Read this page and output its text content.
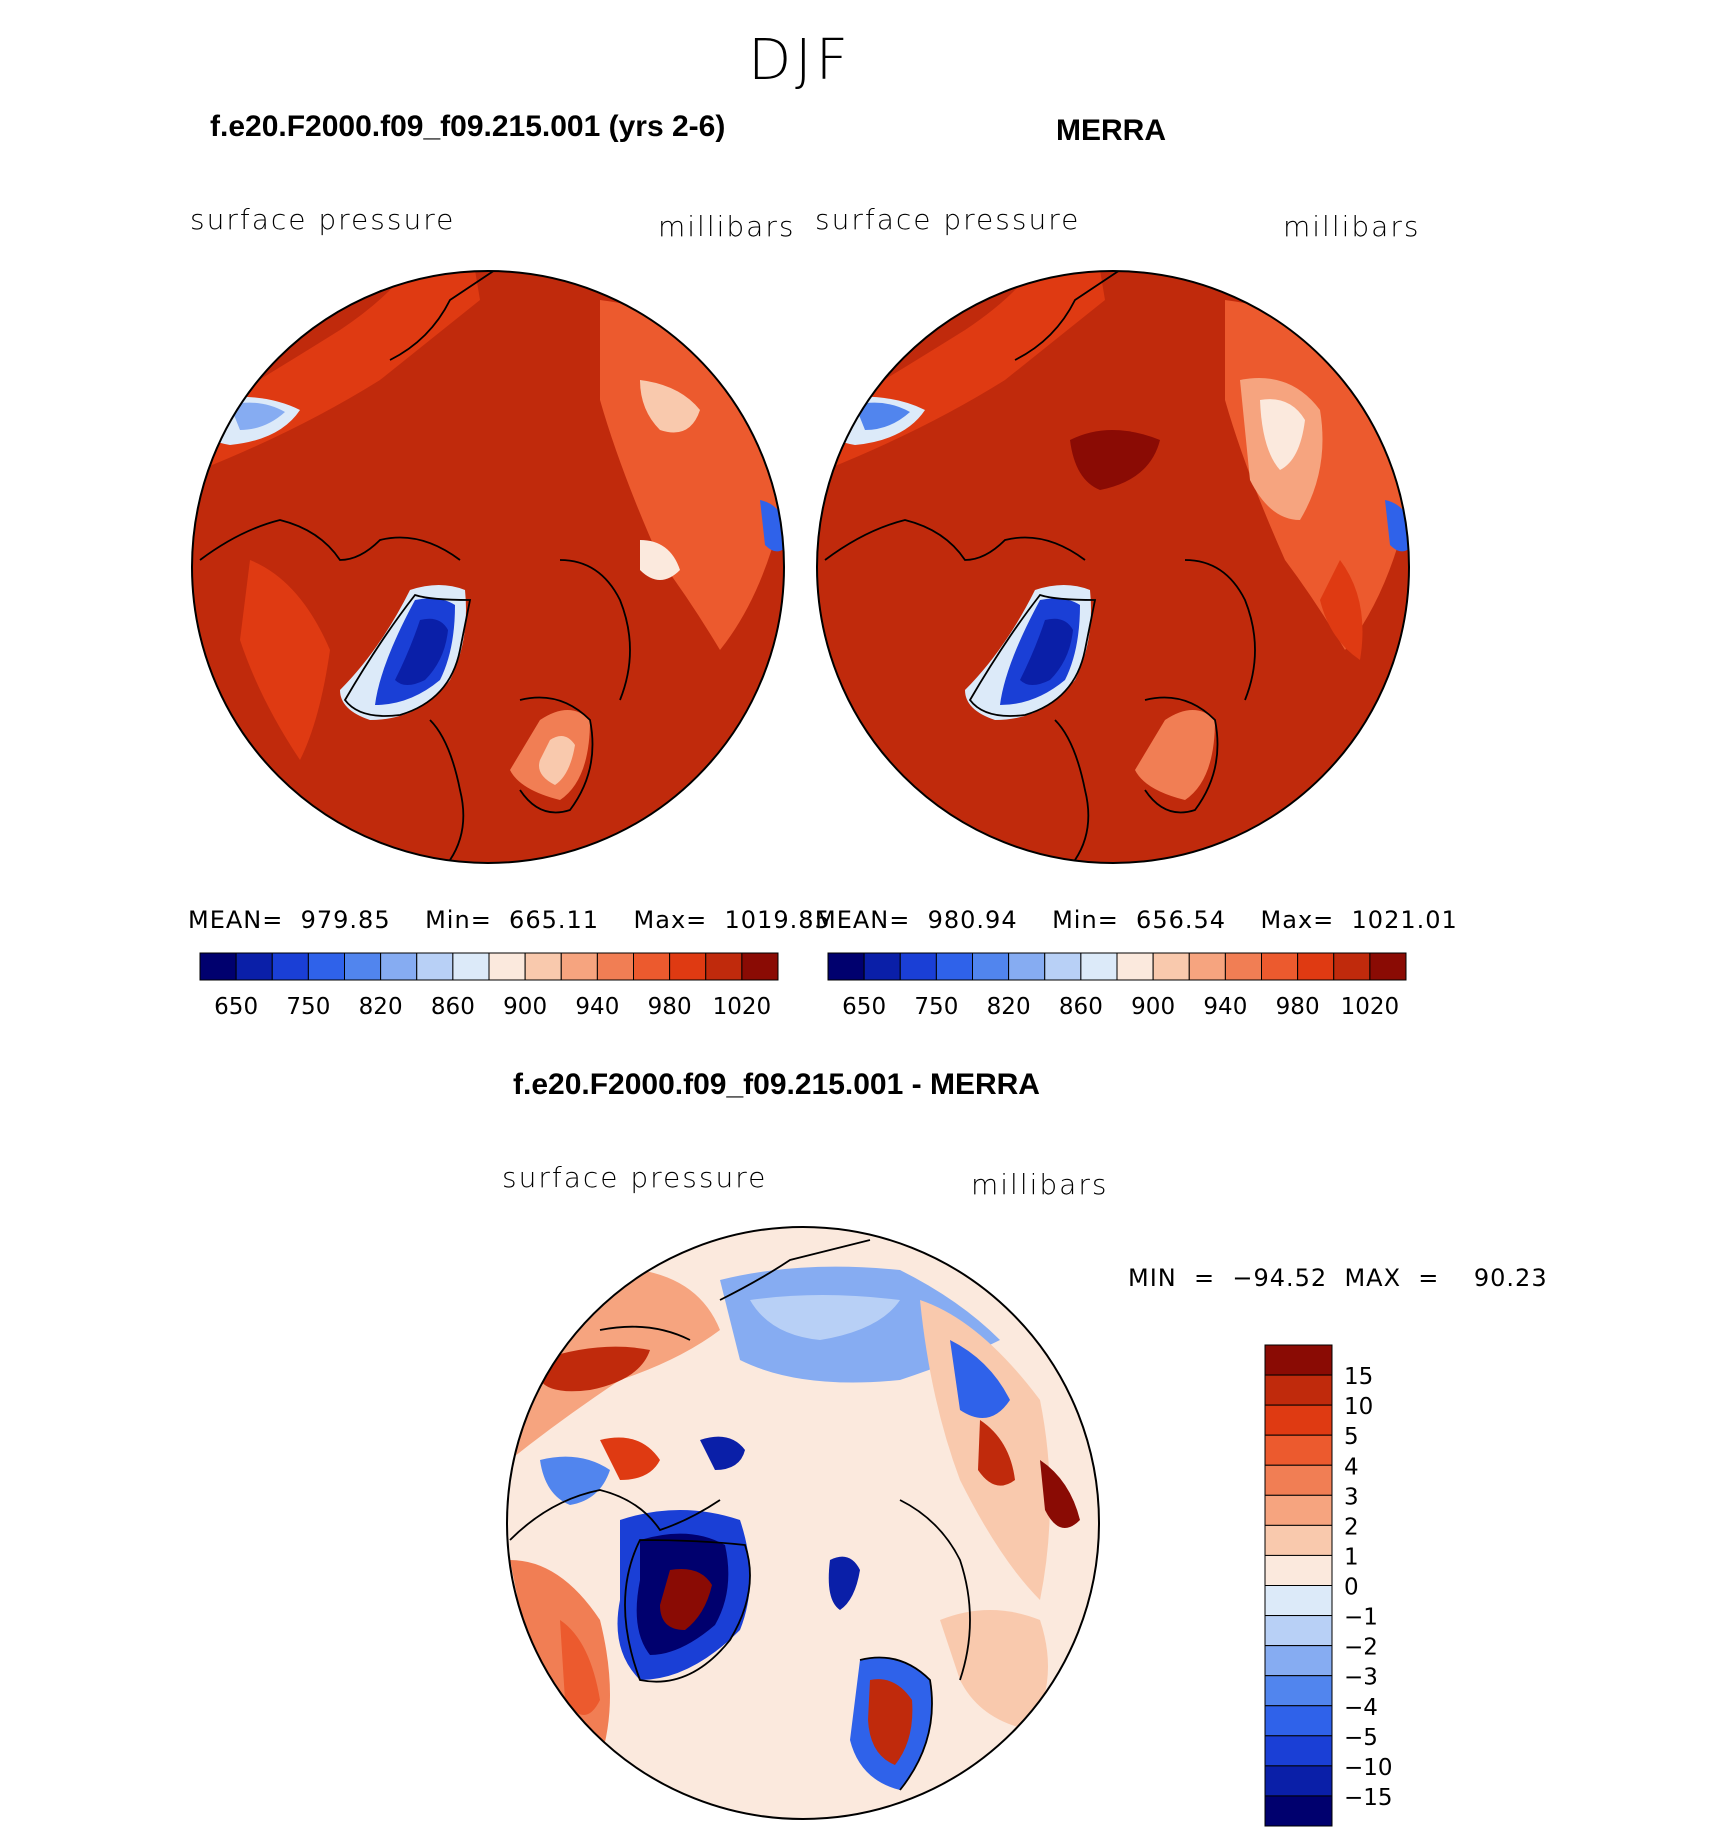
DJF
f.e20.F2000.f09_f09.215.001 (yrs 2-6)	MERRA
f.e20.F2000.f09_f09.215.001 - MERRA
surface pressure	millibars surface pressure	millibars
surface pressure	millibars
MEAN=  979.85    Min=  665.11    Max=  1019.85
MEAN=  980.94    Min=  656.54    Max=  1021.01
MIN  =  −94.52  MAX  =    90.23
650 750 820 860 900 940 980 1020	650 750 820 860 900 940 980 1020
15
10
5
4
3
2
1
0
−1
−2
−3
−4
−5
−10
−15
